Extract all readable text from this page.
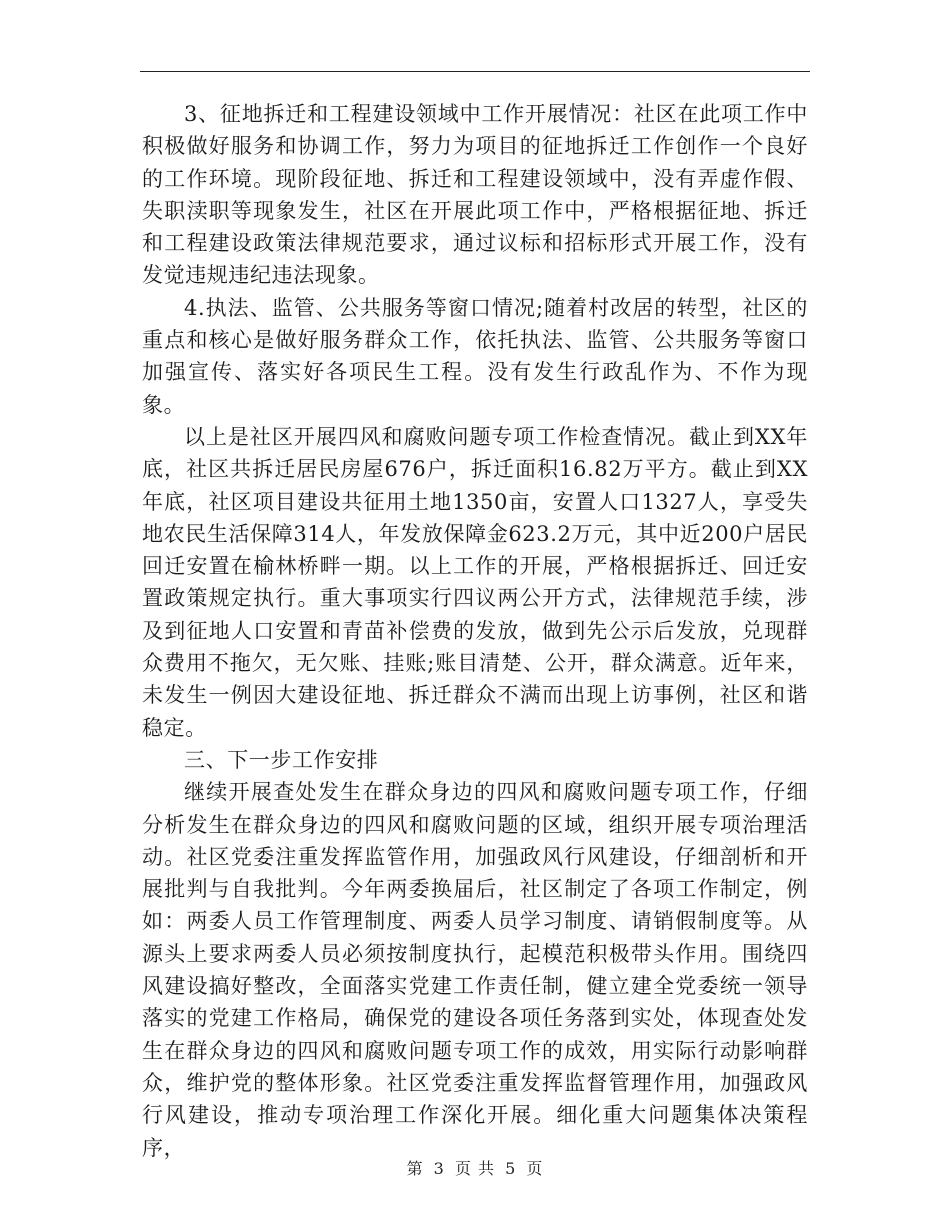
3、征地拆迁和工程建设领域中工作开展情况：社区在此项工作中积极做好服务和协调工作，努力为项目的征地拆迁工作创作一个良好的工作环境。现阶段征地、拆迁和工程建设领域中，没有弄虚作假、失职渎职等现象发生，社区在开展此项工作中，严格根据征地、拆迁和工程建设政策法律规范要求，通过议标和招标形式开展工作，没有发觉违规违纪违法现象。

4.执法、监管、公共服务等窗口情况;随着村改居的转型，社区的重点和核心是做好服务群众工作，依托执法、监管、公共服务等窗口加强宣传、落实好各项民生工程。没有发生行政乱作为、不作为现象。

以上是社区开展四风和腐败问题专项工作检查情况。截止到XX年底，社区共拆迁居民房屋676户，拆迁面积16.82万平方。截止到XX年底，社区项目建设共征用土地1350亩，安置人口1327人，享受失地农民生活保障314人，年发放保障金623.2万元，其中近200户居民回迁安置在榆林桥畔一期。以上工作的开展，严格根据拆迁、回迁安置政策规定执行。重大事项实行四议两公开方式，法律规范手续，涉及到征地人口安置和青苗补偿费的发放，做到先公示后发放，兑现群众费用不拖欠，无欠账、挂账;账目清楚、公开，群众满意。近年来，未发生一例因大建设征地、拆迁群众不满而出现上访事例，社区和谐稳定。

三、下一步工作安排

继续开展查处发生在群众身边的四风和腐败问题专项工作，仔细分析发生在群众身边的四风和腐败问题的区域，组织开展专项治理活动。社区党委注重发挥监管作用，加强政风行风建设，仔细剖析和开展批判与自我批判。今年两委换届后，社区制定了各项工作制定，例如：两委人员工作管理制度、两委人员学习制度、请销假制度等。从源头上要求两委人员必须按制度执行，起模范积极带头作用。围绕四风建设搞好整改，全面落实党建工作责任制，健立建全党委统一领导落实的党建工作格局，确保党的建设各项任务落到实处，体现查处发生在群众身边的四风和腐败问题专项工作的成效，用实际行动影响群众，维护党的整体形象。社区党委注重发挥监督管理作用，加强政风行风建设，推动专项治理工作深化开展。细化重大问题集体决策程序，

第 3 页 共 5 页
